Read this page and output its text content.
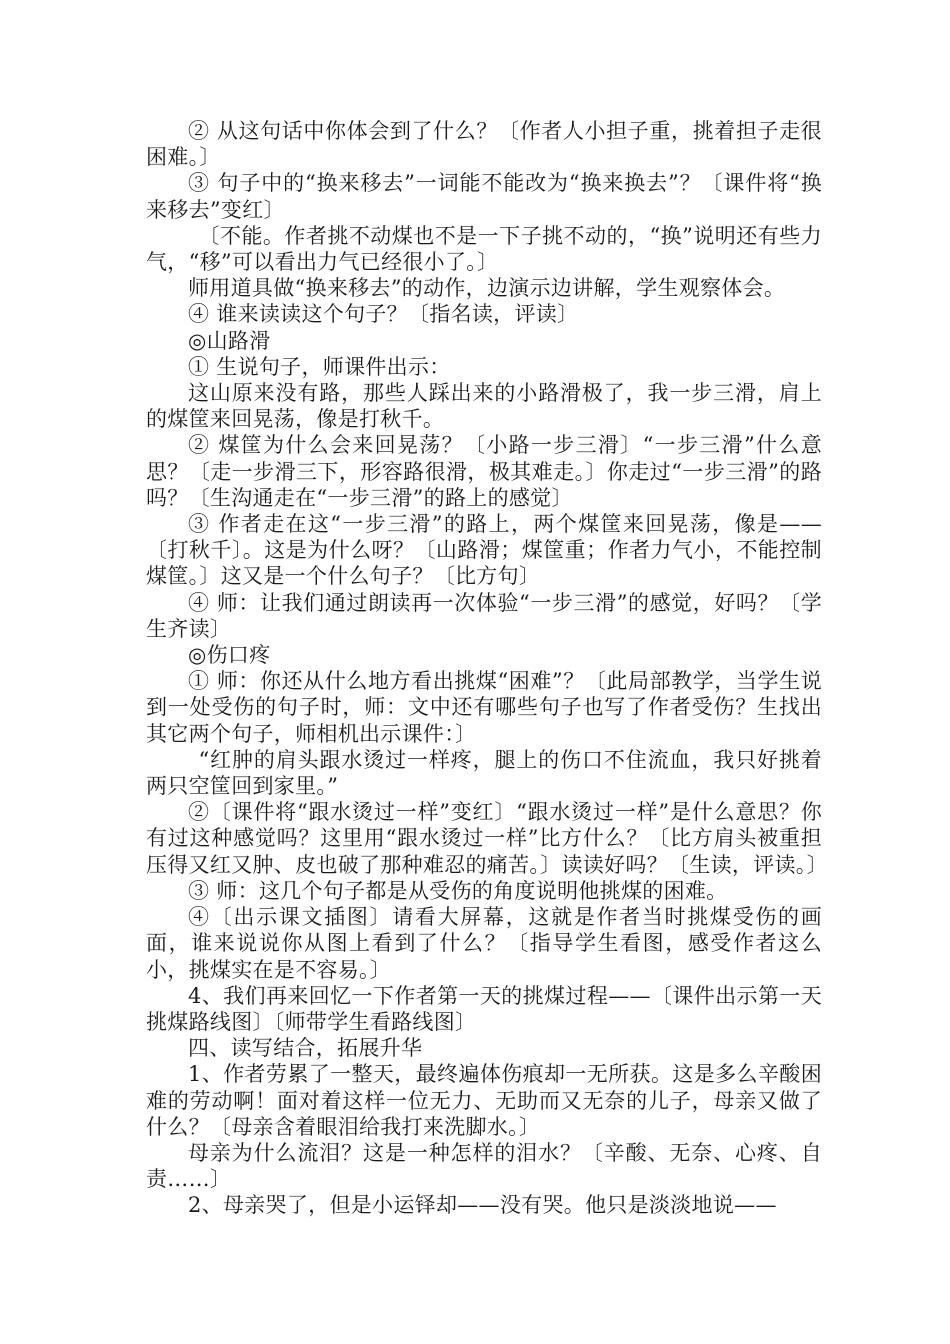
② 从这句话中你体会到了什么？〔作者人小担子重，挑着担子走很困难。〕

③ 句子中的“换来移去”一词能不能改为“换来换去”？〔课件将“换来移去”变红〕

〔不能。作者挑不动煤也不是一下子挑不动的，“换”说明还有些力气，“移”可以看出力气已经很小了。〕

师用道具做“换来移去”的动作，边演示边讲解，学生观察体会。

④ 谁来读读这个句子？〔指名读，评读〕

◎山路滑

① 生说句子，师课件出示：

这山原来没有路，那些人踩出来的小路滑极了，我一步三滑，肩上的煤筐来回晃荡，像是打秋千。

② 煤筐为什么会来回晃荡？〔小路一步三滑〕“一步三滑”什么意思？〔走一步滑三下，形容路很滑，极其难走。〕你走过“一步三滑”的路吗？〔生沟通走在“一步三滑”的路上的感觉〕

③ 作者走在这“一步三滑”的路上，两个煤筐来回晃荡，像是——〔打秋千〕。这是为什么呀？〔山路滑；煤筐重；作者力气小，不能控制煤筐。〕这又是一个什么句子？〔比方句〕

④ 师：让我们通过朗读再一次体验“一步三滑”的感觉，好吗？〔学生齐读〕

◎伤口疼

① 师：你还从什么地方看出挑煤“困难”？〔此局部教学，当学生说到一处受伤的句子时，师：文中还有哪些句子也写了作者受伤？生找出其它两个句子，师相机出示课件：〕

“红肿的肩头跟水烫过一样疼，腿上的伤口不住流血，我只好挑着两只空筐回到家里。”

②〔课件将“跟水烫过一样”变红〕“跟水烫过一样”是什么意思？你有过这种感觉吗？这里用“跟水烫过一样”比方什么？〔比方肩头被重担压得又红又肿、皮也破了那种难忍的痛苦。〕读读好吗？〔生读，评读。〕

③ 师：这几个句子都是从受伤的角度说明他挑煤的困难。

④〔出示课文插图〕请看大屏幕，这就是作者当时挑煤受伤的画面，谁来说说你从图上看到了什么？〔指导学生看图，感受作者这么小，挑煤实在是不容易。〕

4、我们再来回忆一下作者第一天的挑煤过程——〔课件出示第一天挑煤路线图〕〔师带学生看路线图〕

四、读写结合，拓展升华

1、作者劳累了一整天，最终遍体伤痕却一无所获。这是多么辛酸困难的劳动啊！面对着这样一位无力、无助而又无奈的儿子，母亲又做了什么？〔母亲含着眼泪给我打来洗脚水。〕

母亲为什么流泪？这是一种怎样的泪水？〔辛酸、无奈、心疼、自责……〕

2、母亲哭了，但是小运铎却——没有哭。他只是淡淡地说——
